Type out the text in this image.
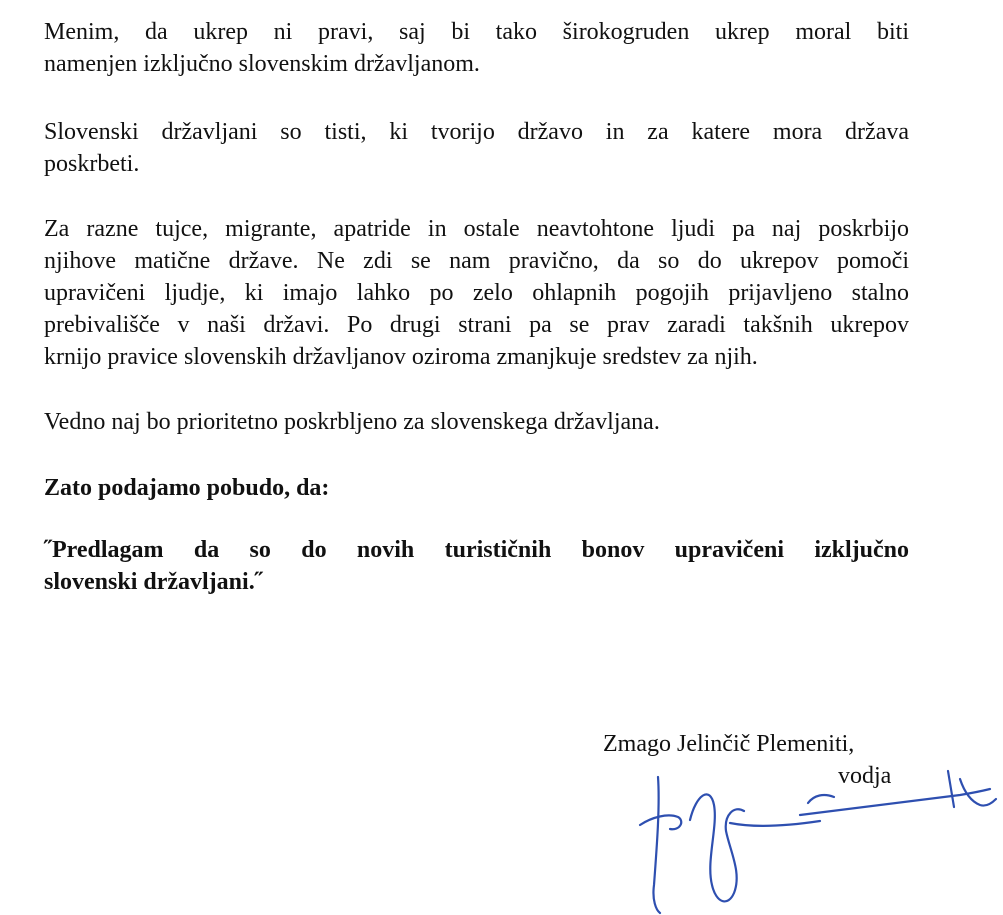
Menim, da ukrep ni pravi, saj bi tako širokogruden ukrep moral biti
namenjen izključno slovenskim državljanom.
Slovenski državljani so tisti, ki tvorijo državo in za katere mora država
poskrbeti.
Za razne tujce, migrante, apatride in ostale neavtohtone ljudi pa naj poskrbijo
njihove matične države. Ne zdi se nam pravično, da so do ukrepov pomoči
upravičeni ljudje, ki imajo lahko po zelo ohlapnih pogojih prijavljeno stalno
prebivališče v naši državi. Po drugi strani pa se prav zaradi takšnih ukrepov
krnijo pravice slovenskih državljanov oziroma zmanjkuje sredstev za njih.
Vedno naj bo prioritetno poskrbljeno za slovenskega državljana.
Zato podajamo pobudo, da:
˝Predlagam da so do novih turističnih bonov upravičeni izključno
slovenski državljani.˝
Zmago Jelinčič Plemeniti,
vodja
